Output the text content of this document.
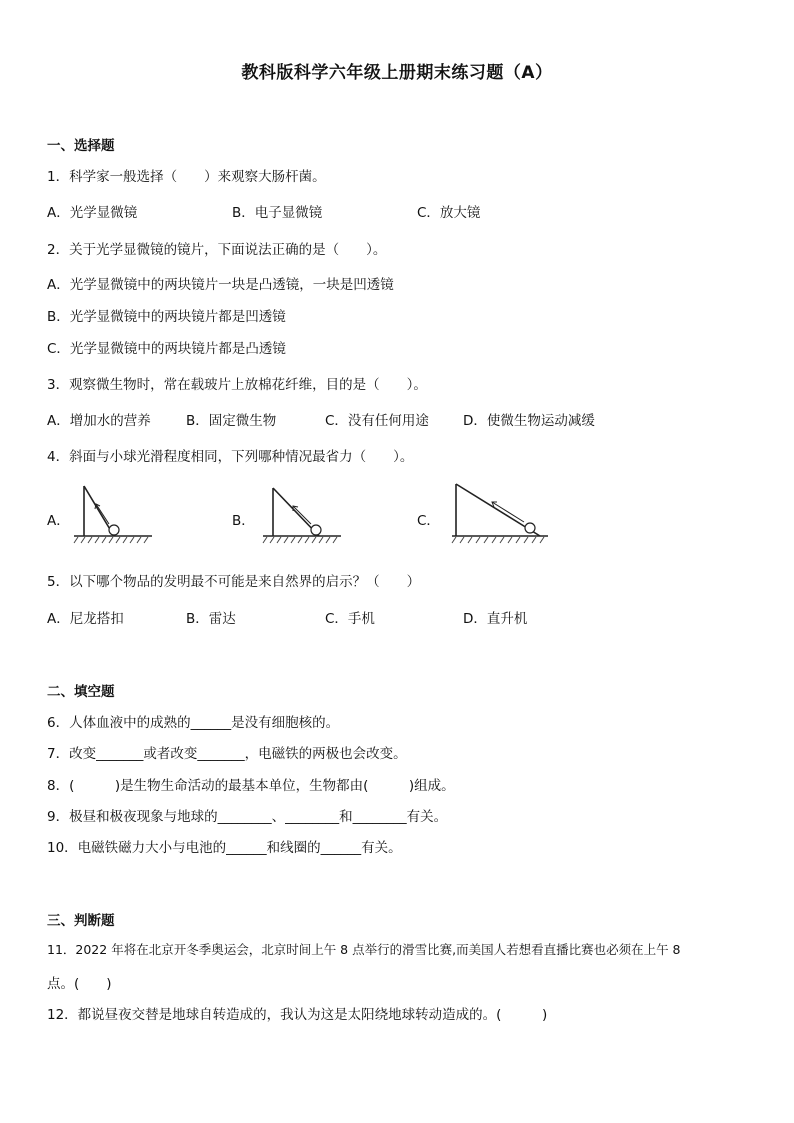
教科版科学六年级上册期末练习题（A）
一、选择题
1．科学家一般选择（　　）来观察大肠杆菌。
A．光学显微镜	B．电子显微镜	C．放大镜
2．关于光学显微镜的镜片，下面说法正确的是（　　）。
A．光学显微镜中的两块镜片一块是凸透镜，一块是凹透镜
B．光学显微镜中的两块镜片都是凹透镜
C．光学显微镜中的两块镜片都是凸透镜
3．观察微生物时，常在载玻片上放棉花纤维，目的是（　　）。
A．增加水的营养	B．固定微生物	C．没有任何用途	D．使微生物运动减缓
4．斜面与小球光滑程度相同，下列哪种情况最省力（　　）。
A．	B．	C．
5．以下哪个物品的发明最不可能是来自然界的启示？（　　）
A．尼龙搭扣	B．雷达	C．手机	D．直升机
二、填空题
6．人体血液中的成熟的______是没有细胞核的。
7．改变_______或者改变_______，电磁铁的两极也会改变。
8．(　　　)是生物生命活动的最基本单位，生物都由(　　　)组成。
9．极昼和极夜现象与地球的________、________和________有关。
10．电磁铁磁力大小与电池的______和线圈的______有关。
三、判断题
11．2022 年将在北京开冬季奥运会，北京时间上午 8 点举行的滑雪比赛,而美国人若想看直播比赛也必须在上午 8
点。(　　)
12．都说昼夜交替是地球自转造成的，我认为这是太阳绕地球转动造成的。(　　　)
